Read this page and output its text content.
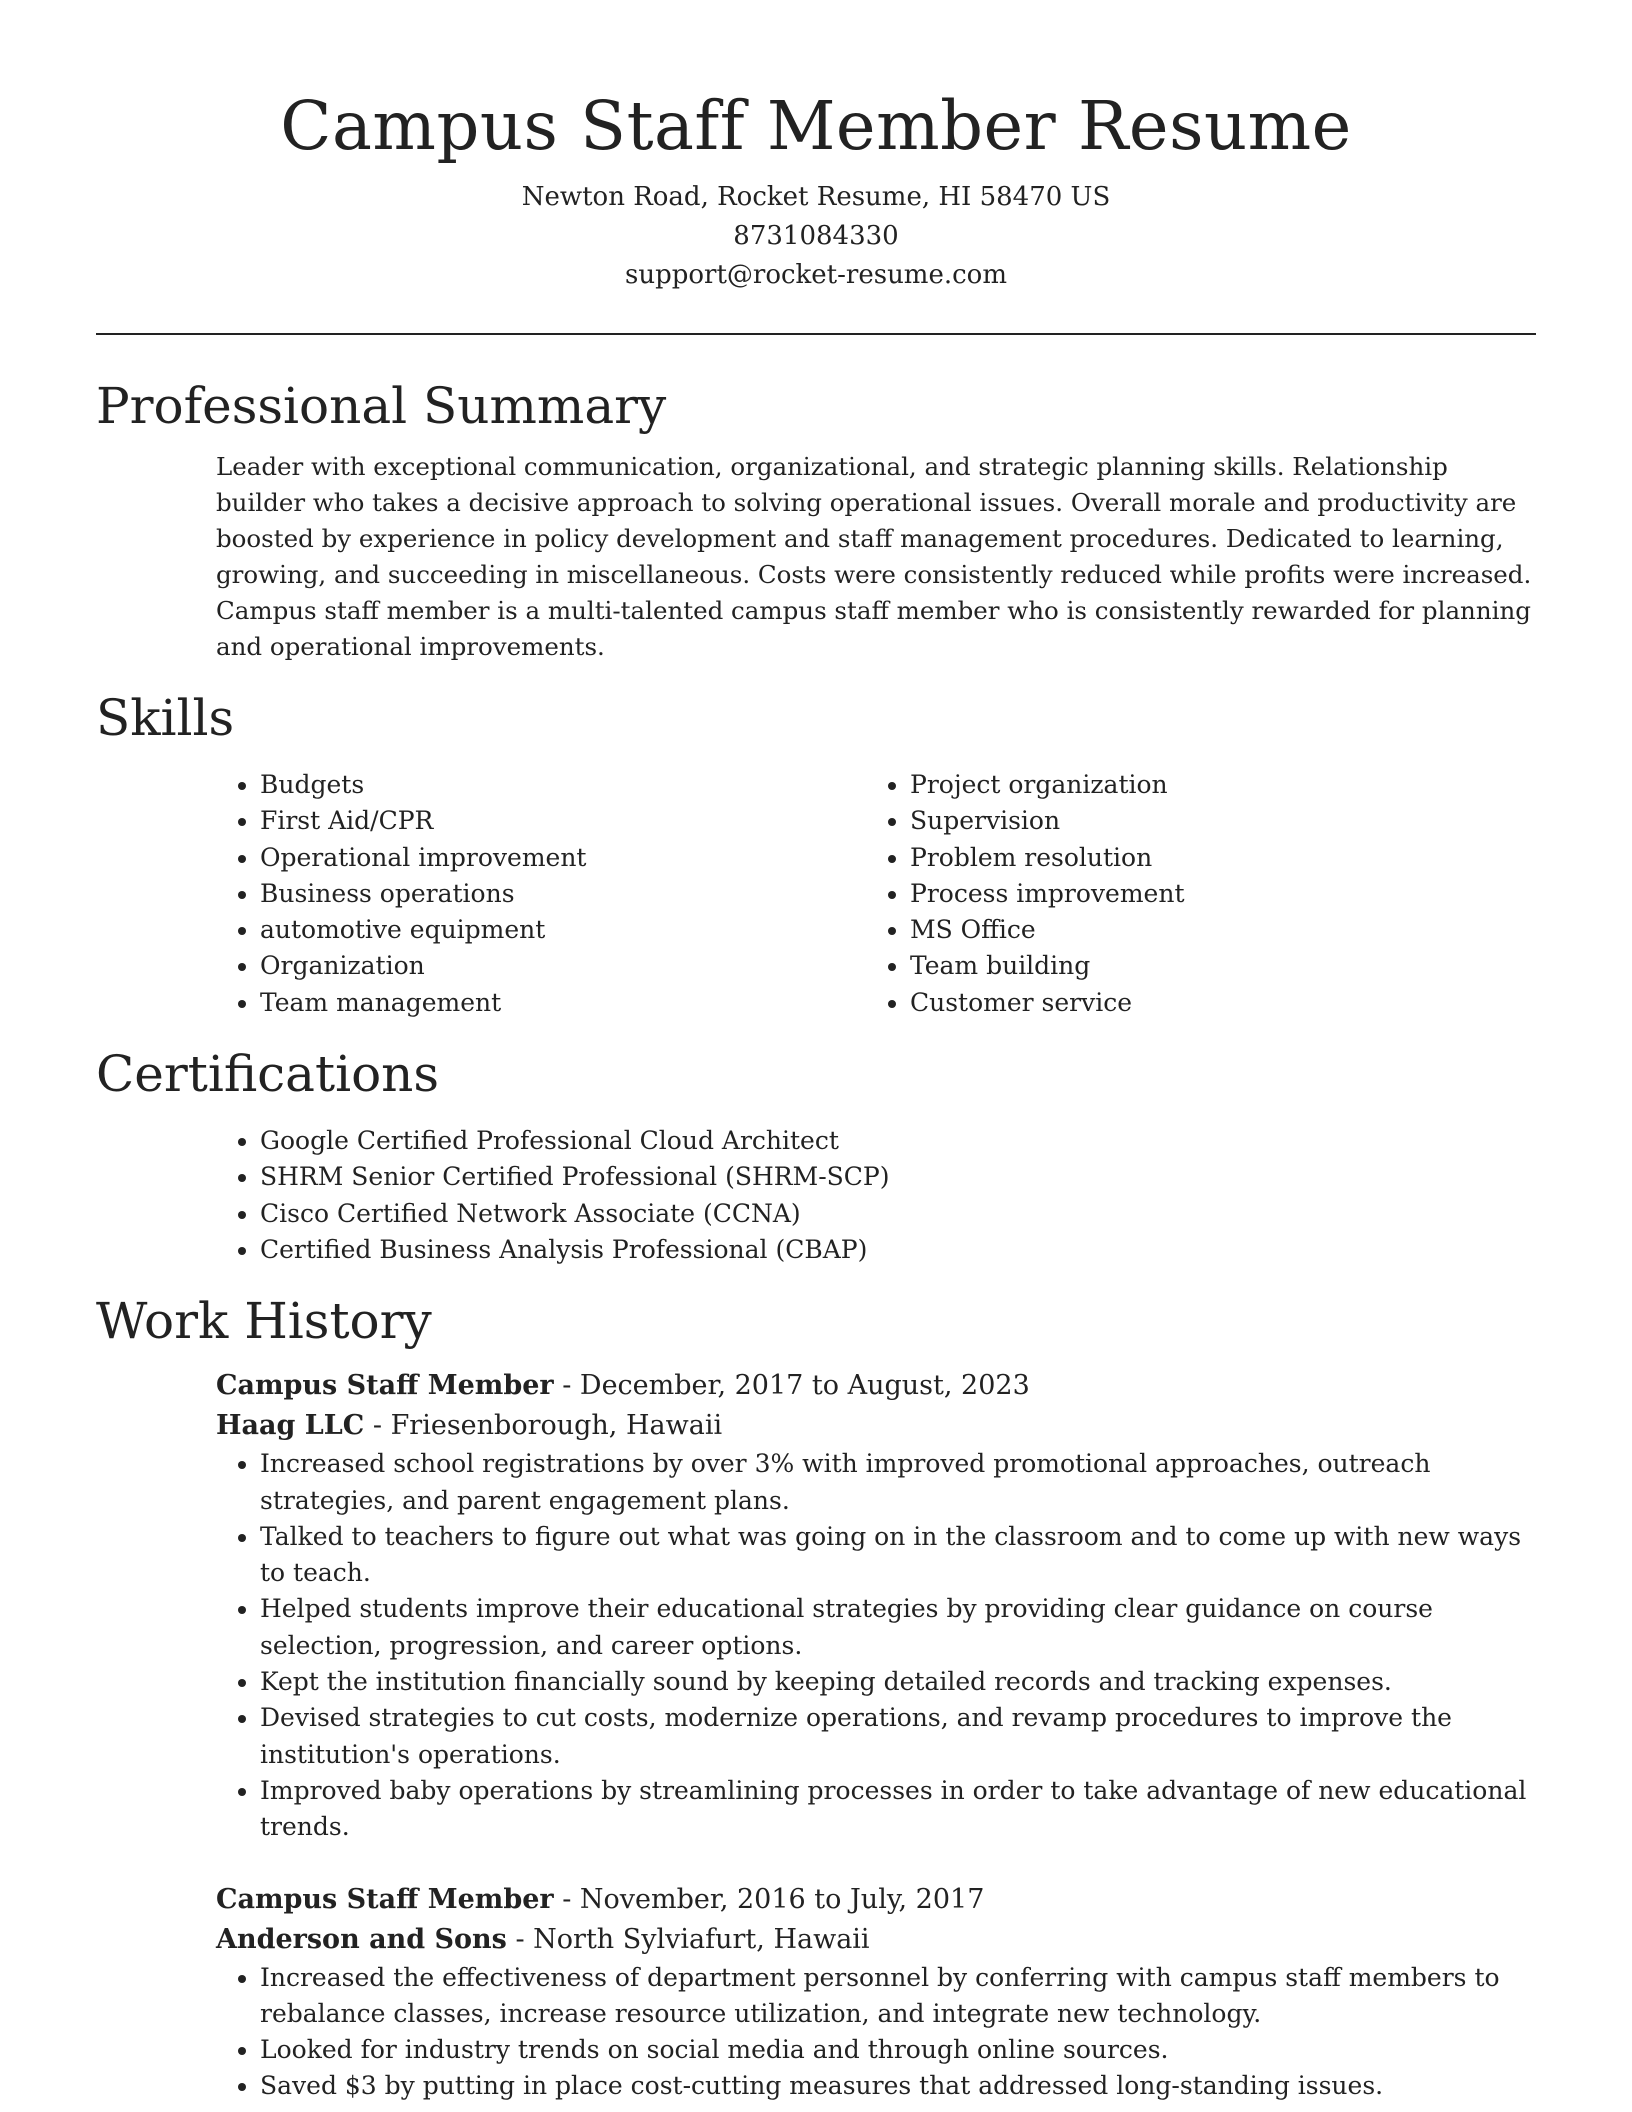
Campus Staff Member Resume
Newton Road, Rocket Resume, HI 58470 US
8731084330
support@rocket-resume.com
Professional Summary
Leader with exceptional communication, organizational, and strategic planning skills. Relationship builder who takes a decisive approach to solving operational issues. Overall morale and productivity are boosted by experience in policy development and staff management procedures. Dedicated to learning, growing, and succeeding in miscellaneous. Costs were consistently reduced while profits were increased. Campus staff member is a multi-talented campus staff member who is consistently rewarded for planning and operational improvements.
Skills
• Budgets
• First Aid/CPR
• Operational improvement
• Business operations
• automotive equipment
• Organization
• Team management
• Project organization
• Supervision
• Problem resolution
• Process improvement
• MS Office
• Team building
• Customer service
Certifications
• Google Certified Professional Cloud Architect
• SHRM Senior Certified Professional (SHRM-SCP)
• Cisco Certified Network Associate (CCNA)
• Certified Business Analysis Professional (CBAP)
Work History
Campus Staff Member - December, 2017 to August, 2023
Haag LLC - Friesenborough, Hawaii
• Increased school registrations by over 3% with improved promotional approaches, outreach strategies, and parent engagement plans.
• Talked to teachers to figure out what was going on in the classroom and to come up with new ways to teach.
• Helped students improve their educational strategies by providing clear guidance on course selection, progression, and career options.
• Kept the institution financially sound by keeping detailed records and tracking expenses.
• Devised strategies to cut costs, modernize operations, and revamp procedures to improve the institution's operations.
• Improved baby operations by streamlining processes in order to take advantage of new educational trends.
Campus Staff Member - November, 2016 to July, 2017
Anderson and Sons - North Sylviafurt, Hawaii
• Increased the effectiveness of department personnel by conferring with campus staff members to rebalance classes, increase resource utilization, and integrate new technology.
• Looked for industry trends on social media and through online sources.
• Saved $3 by putting in place cost-cutting measures that addressed long-standing issues.
